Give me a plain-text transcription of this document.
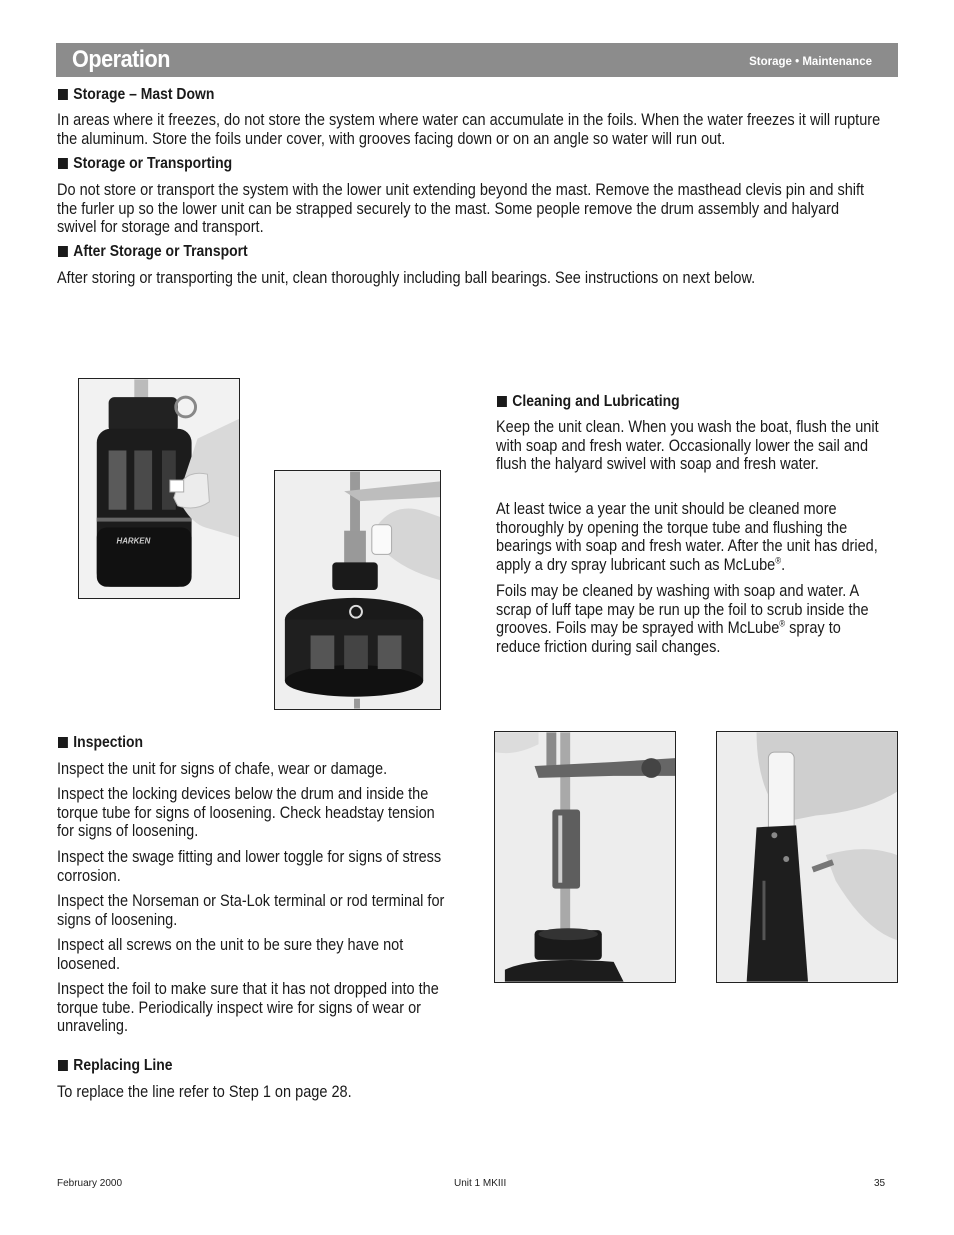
Operation	Storage • Maintenance
Storage – Mast Down
In areas where it freezes, do not store the system where water can accumulate in the foils. When the water freezes it will rupture the aluminum. Store the foils under cover, with grooves facing down or on an angle so water will run out.
Storage or Transporting
Do not store or transport the system with the lower unit extending beyond the mast. Remove the masthead clevis pin and shift the furler up so the lower unit can be strapped securely to the mast. Some people remove the drum assembly and halyard swivel for storage and transport.
After Storage or Transport
After storing or transporting the unit, clean thoroughly including ball bearings. See instructions on next below.
HARKEN
Cleaning and Lubricating
Keep the unit clean. When you wash the boat, flush the unit with soap and fresh water. Occasionally lower the sail and flush the halyard swivel with soap and fresh water.
At least twice a year the unit should be cleaned more thoroughly by opening the torque tube and flushing the bearings with soap and fresh water. After the unit has dried, apply a dry spray lubricant such as McLube®.
Foils may be cleaned by washing with soap and water. A scrap of luff tape may be run up the foil to scrub inside the grooves. Foils may be sprayed with McLube® spray to reduce friction during sail changes.
Inspection
Inspect the unit for signs of chafe, wear or damage.
Inspect the locking devices below the drum and inside the torque tube for signs of loosening. Check headstay tension for signs of loosening.
Inspect the swage fitting and lower toggle for signs of stress corrosion.
Inspect the Norseman or Sta-Lok terminal or rod terminal for signs of loosening.
Inspect all screws on the unit to be sure they have not loosened.
Inspect the foil to make sure that it has not dropped into the torque tube. Periodically inspect wire for signs of wear or unraveling.
Replacing Line
To replace the line refer to Step 1 on page 28.
February 2000	Unit 1 MKIII	35
